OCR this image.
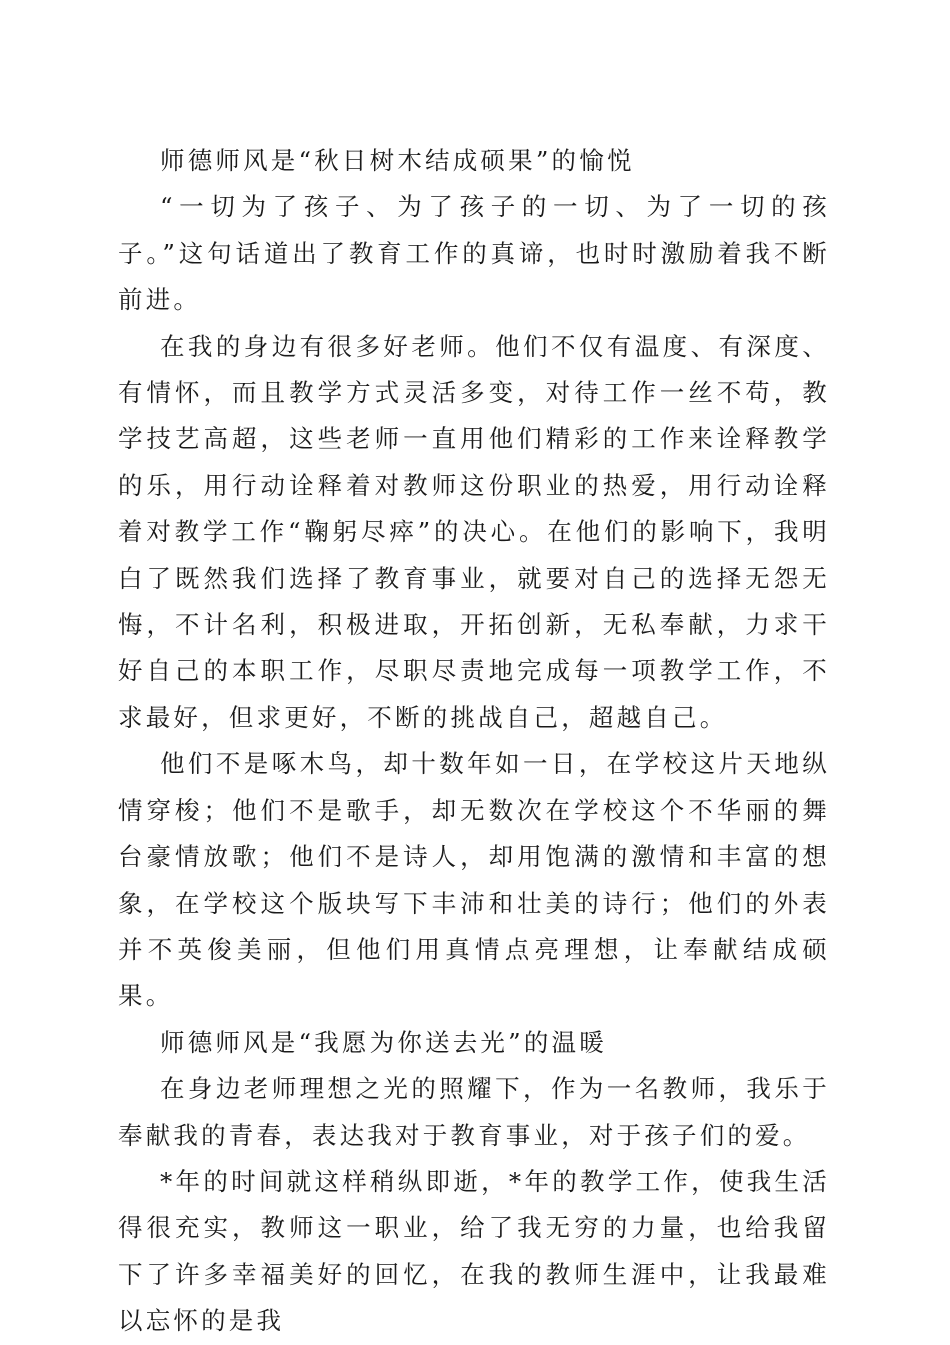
师德师风是“秋日树木结成硕果”的愉悦

“一切为了孩子、为了孩子的一切、为了一切的孩子。”这句话道出了教育工作的真谛，也时时激励着我不断前进。

在我的身边有很多好老师。他们不仅有温度、有深度、有情怀，而且教学方式灵活多变，对待工作一丝不苟，教学技艺高超，这些老师一直用他们精彩的工作来诠释教学的乐，用行动诠释着对教师这份职业的热爱，用行动诠释着对教学工作“鞠躬尽瘁”的决心。在他们的影响下，我明白了既然我们选择了教育事业，就要对自己的选择无怨无悔，不计名利，积极进取，开拓创新，无私奉献，力求干好自己的本职工作，尽职尽责地完成每一项教学工作，不求最好，但求更好，不断的挑战自己，超越自己。

他们不是啄木鸟，却十数年如一日，在学校这片天地纵情穿梭；他们不是歌手，却无数次在学校这个不华丽的舞台豪情放歌；他们不是诗人，却用饱满的激情和丰富的想象，在学校这个版块写下丰沛和壮美的诗行；他们的外表并不英俊美丽，但他们用真情点亮理想，让奉献结成硕果。

师德师风是“我愿为你送去光”的温暖

在身边老师理想之光的照耀下，作为一名教师，我乐于奉献我的青春，表达我对于教育事业，对于孩子们的爱。

*年的时间就这样稍纵即逝，*年的教学工作，使我生活得很充实，教师这一职业，给了我无穷的力量，也给我留下了许多幸福美好的回忆，在我的教师生涯中，让我最难以忘怀的是我
